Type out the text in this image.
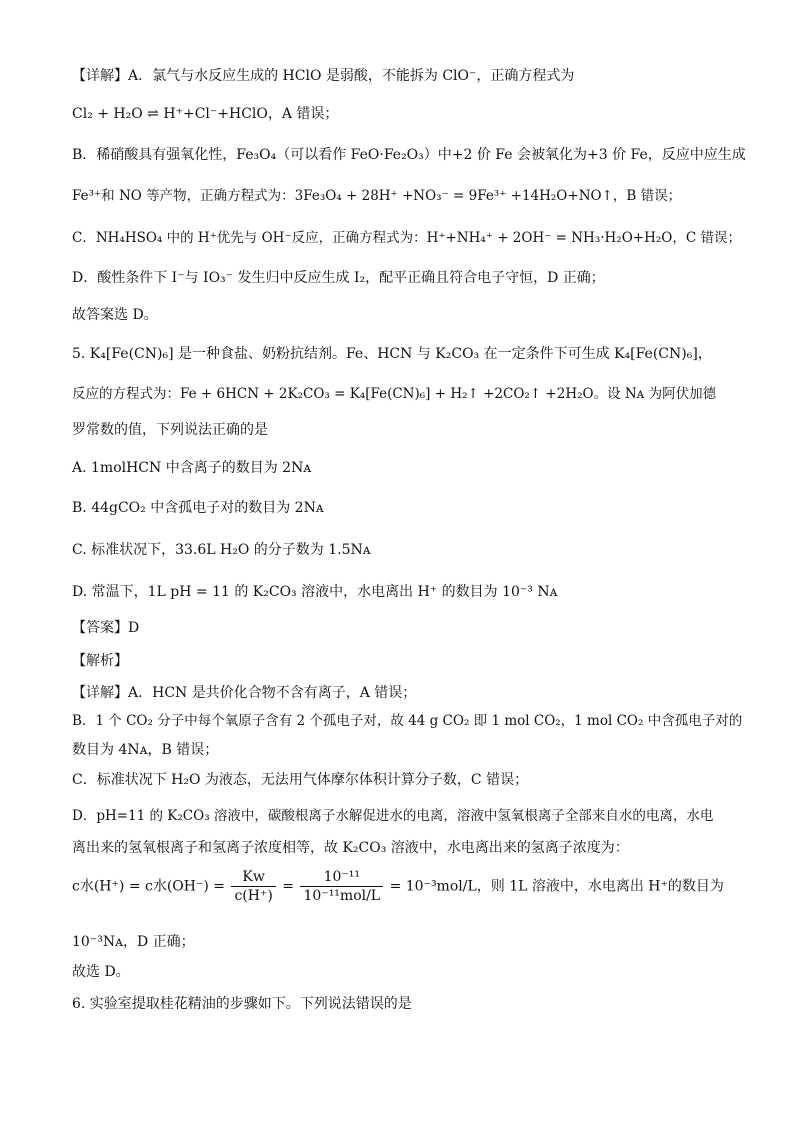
【详解】A．氯气与水反应生成的 HClO 是弱酸，不能拆为 ClO⁻，正确方程式为
Cl₂ + H₂O ⇌ H⁺+Cl⁻+HClO，A 错误；
B．稀硝酸具有强氧化性，Fe₃O₄（可以看作 FeO·Fe₂O₃）中+2 价 Fe 会被氧化为+3 价 Fe，反应中应生成
Fe³⁺和 NO 等产物，正确方程式为：3Fe₃O₄ + 28H⁺ +NO₃⁻ = 9Fe³⁺ +14H₂O+NO↑，B 错误；
C．NH₄HSO₄ 中的 H⁺优先与 OH⁻反应，正确方程式为：H⁺+NH₄⁺ + 2OH⁻ = NH₃·H₂O+H₂O，C 错误；
D．酸性条件下 I⁻与 IO₃⁻ 发生归中反应生成 I₂，配平正确且符合电子守恒，D 正确；
故答案选 D。
5. K₄[Fe(CN)₆] 是一种食盐、奶粉抗结剂。Fe、HCN 与 K₂CO₃ 在一定条件下可生成 K₄[Fe(CN)₆]，
反应的方程式为：Fe + 6HCN + 2K₂CO₃ = K₄[Fe(CN)₆] + H₂↑ +2CO₂↑ +2H₂O。设 Nᴀ 为阿伏加德
罗常数的值，下列说法正确的是
A. 1molHCN 中含离子的数目为 2Nᴀ
B. 44gCO₂ 中含孤电子对的数目为 2Nᴀ
C. 标准状况下，33.6L H₂O 的分子数为 1.5Nᴀ
D. 常温下，1L pH = 11 的 K₂CO₃ 溶液中，水电离出 H⁺ 的数目为 10⁻³ Nᴀ
【答案】D
【解析】
【详解】A．HCN 是共价化合物不含有离子，A 错误；
B．1 个 CO₂ 分子中每个氧原子含有 2 个孤电子对，故 44 g CO₂ 即 1 mol CO₂，1 mol CO₂ 中含孤电子对的
数目为 4Nᴀ，B 错误；
C．标准状况下 H₂O 为液态，无法用气体摩尔体积计算分子数，C 错误；
D．pH=11 的 K₂CO₃ 溶液中，碳酸根离子水解促进水的电离，溶液中氢氧根离子全部来自水的电离，水电
离出来的氢氧根离子和氢离子浓度相等，故 K₂CO₃ 溶液中，水电离出来的氢离子浓度为：
c水(H⁺) = c水$(OH^-) = \frac{Kw}{c(H^+)} = \frac{\text{10⁻¹¹}}{\text{10⁻¹¹mol/L}} = 10^{-3}mol/L$，则 1L 溶液中，水电离出 H⁺的数目为
10⁻³Nᴀ，D 正确；
故选 D。
6. 实验室提取桂花精油的步骤如下。下列说法错误的是
